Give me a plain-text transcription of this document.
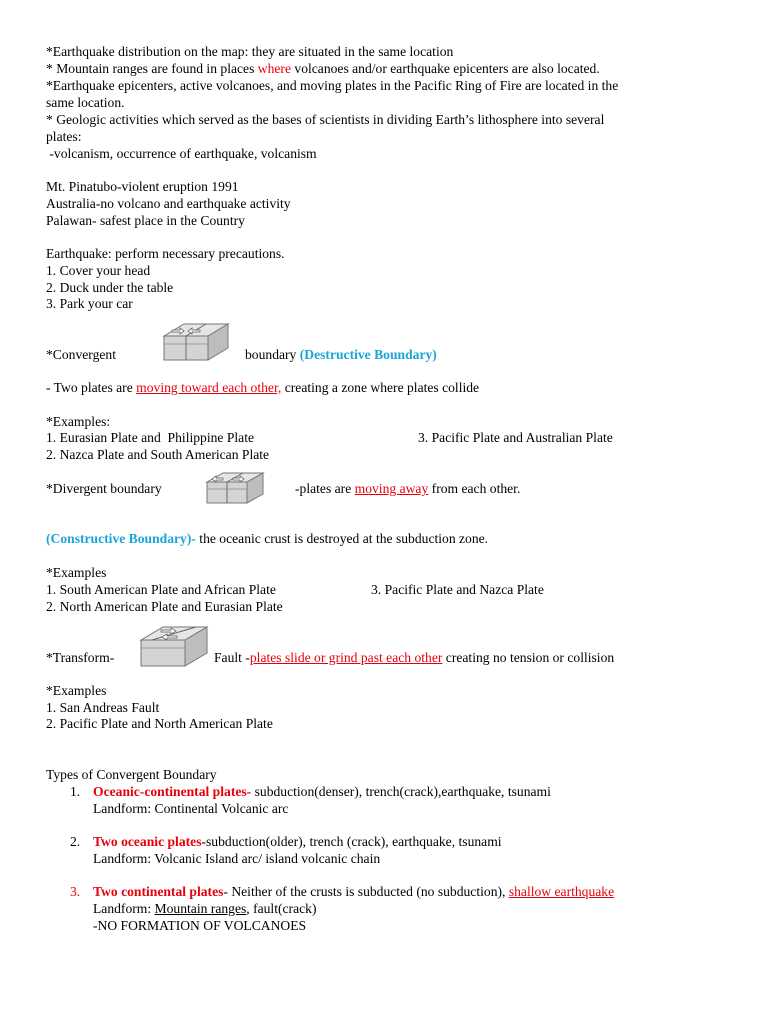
*Earthquake distribution on the map: they are situated in the same location
* Mountain ranges are found in places where volcanoes and/or earthquake epicenters are also located.
*Earthquake epicenters, active volcanoes, and moving plates in the Pacific Ring of Fire are located in the
same location.
* Geologic activities which served as the bases of scientists in dividing Earth’s lithosphere into several
plates:
-volcanism, occurrence of earthquake, volcanism
Mt. Pinatubo-violent eruption 1991
Australia-no volcano and earthquake activity
Palawan- safest place in the Country
Earthquake: perform necessary precautions.
1. Cover your head
2. Duck under the table
3. Park your car
*Convergent	boundary (Destructive Boundary)
- Two plates are moving toward each other, creating a zone where plates collide
*Examples:
1. Eurasian Plate and  Philippine Plate	3. Pacific Plate and Australian Plate
2. Nazca Plate and South American Plate
*Divergent boundary	-plates are moving away from each other.
(Constructive Boundary)- the oceanic crust is destroyed at the subduction zone.
*Examples
1. South American Plate and African Plate	3. Pacific Plate and Nazca Plate
2. North American Plate and Eurasian Plate
*Transform-	Fault -plates slide or grind past each other creating no tension or collision
*Examples
1. San Andreas Fault
2. Pacific Plate and North American Plate
Types of Convergent Boundary
1. Oceanic-continental plates- subduction(denser), trench(crack),earthquake, tsunami
Landform: Continental Volcanic arc
2. Two oceanic plates-subduction(older), trench (crack), earthquake, tsunami
Landform: Volcanic Island arc/ island volcanic chain
3. Two continental plates- Neither of the crusts is subducted (no subduction), shallow earthquake
Landform: Mountain ranges, fault(crack)
-NO FORMATION OF VOLCANOES
